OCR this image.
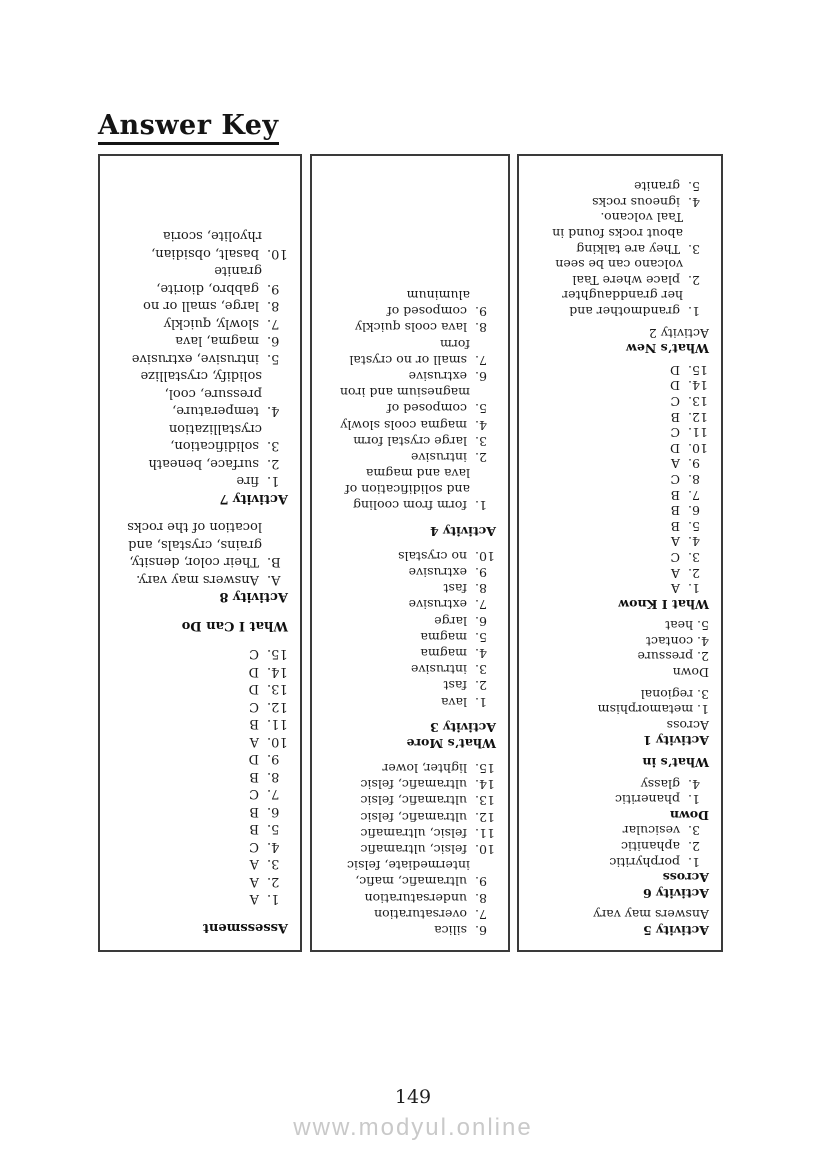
Answer Key
Assessment
1.
A
2.
A
3.
A
4.
C
5.
B
6.
B
7.
C
8.
B
9.
D
10.
A
11.
B
12.
C
13.
D
14.
D
15.
C
What I Can Do
Activity 8
A.
Answers may vary.
B.
Their color, density,
grains, crystals, and
location of the rocks
Activity 7
1.
fire
2.
surface, beneath
3.
solidification,
crystallization
4.
temperature,
pressure, cool,
solidify, crystallize
5.
intrusive, extrusive
6.
magma, lava
7.
slowly, quickly
8.
large, small or no
9.
gabbro, diorite,
granite
10.
basalt, obsidian,
rhyolite, scoria
6.
silica
7.
oversaturation
8.
undersaturation
9.
ultramafic, mafic,
intermediate, felsic
10.
felsic, ultramafic
11.
felsic, ultramafic
12.
ultramafic, felsic
13.
ultramafic, felsic
14.
ultramafic, felsic
15.
lighter, lower
What’s More
Activity 3
1.
lava
2.
fast
3.
intrusive
4.
magma
5.
magma
6.
large
7.
extrusive
8.
fast
9.
extrusive
10.
no crystals
Activity 4
1.
form from cooling
and solidification of
lava and magma
2.
intrusive
3.
large crystal form
4.
magma cools slowly
5.
composed of
magnesium and iron
6.
extrusive
7.
small or no crystal
form
8.
lava cools quickly
9.
composed of
aluminum
Activity 5
Answers may vary
Activity 6
Across
1.
porphyritic
2.
aphanitic
3.
vesicular
Down
1.
phaneritic
4.
glassy
What’s in
Activity 1
Across
1. metamorphism
3. regional
Down
2. pressure
4. contact
5. heat
What I Know
1.
A
2.
A
3.
C
4.
A
5.
B
6.
B
7.
B
8.
C
9.
A
10.
D
11.
C
12.
B
13.
C
14.
D
15.
D
What’s New
Activity 2
1.
grandmother and
her granddaughter
2.
place where Taal
volcano can be seen
3.
They are talking
about rocks found in
Taal volcano.
4.
igneous rocks
5.
granite
149
www.modyul.online
